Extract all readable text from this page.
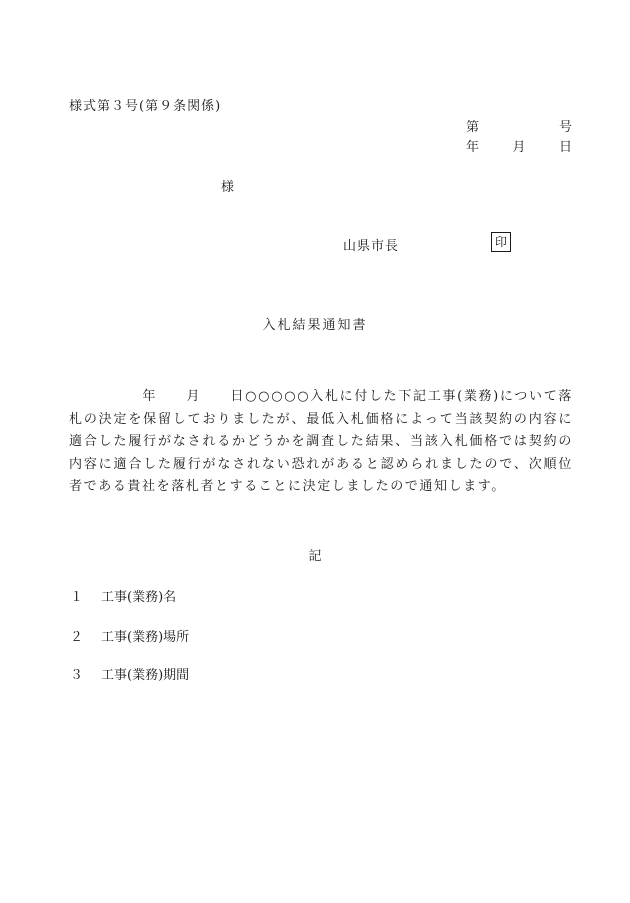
様式第３号(第９条関係)
第	号
年	月	日
様
山県市長	印
入札結果通知書
　　　　　年　　月　　日○○○○○入札に付した下記工事(業務)について落札の決定を保留しておりましたが、最低入札価格によって当該契約の内容に適合した履行がなされるかどうかを調査した結果、当該入札価格では契約の内容に適合した履行がなされない恐れがあると認められましたので、次順位者である貴社を落札者とすることに決定しましたので通知します。
記
１ 工事(業務)名
２ 工事(業務)場所
３ 工事(業務)期間
